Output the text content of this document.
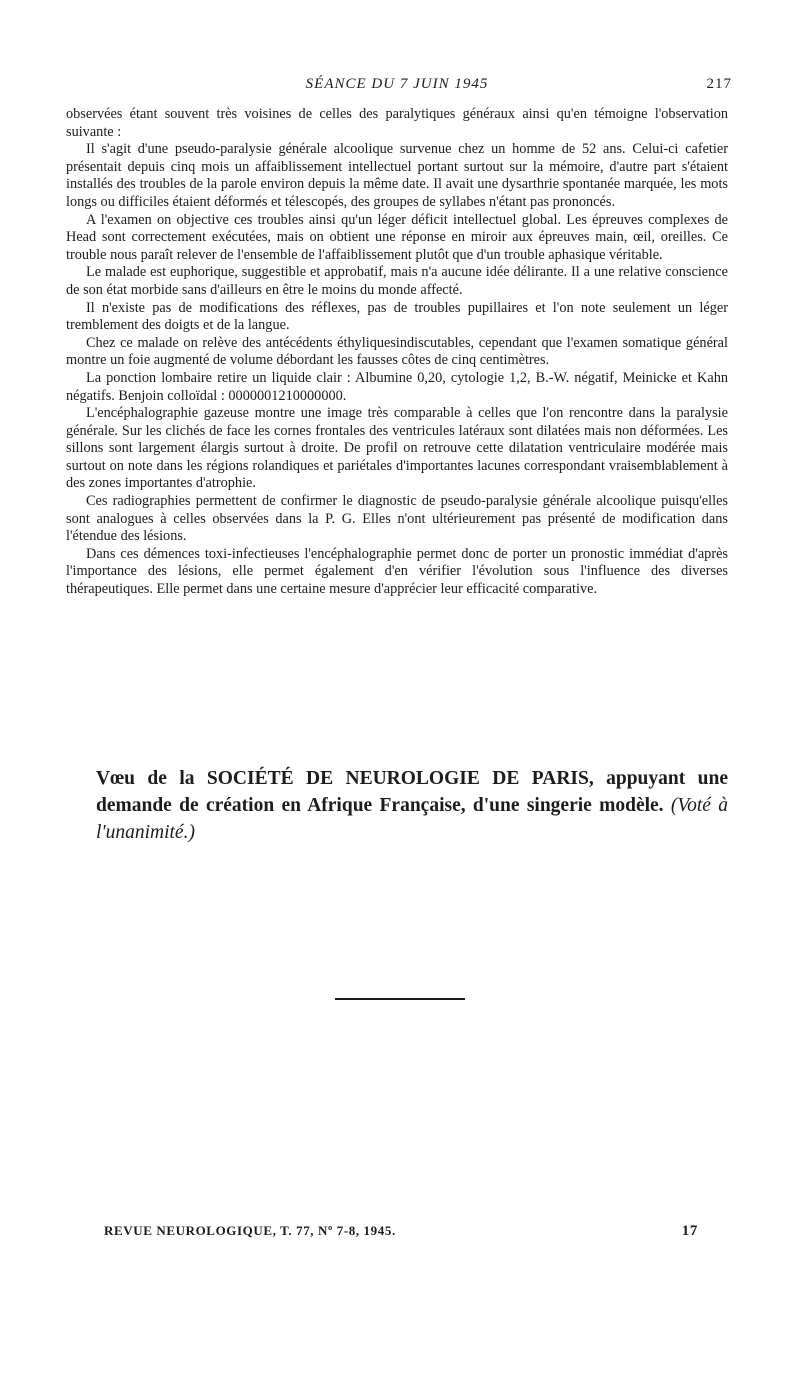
SÉANCE DU 7 JUIN 1945	217

observées étant souvent très voisines de celles des paralytiques généraux ainsi qu'en témoigne l'observation suivante :

Il s'agit d'une pseudo-paralysie générale alcoolique survenue chez un homme de 52 ans. Celui-ci cafetier présentait depuis cinq mois un affaiblissement intellectuel portant surtout sur la mémoire, d'autre part s'étaient installés des troubles de la parole environ depuis la même date. Il avait une dysarthrie spontanée marquée, les mots longs ou difficiles étaient déformés et télescopés, des groupes de syllabes n'étant pas prononcés.

A l'examen on objective ces troubles ainsi qu'un léger déficit intellectuel global. Les épreuves complexes de Head sont correctement exécutées, mais on obtient une réponse en miroir aux épreuves main, œil, oreilles. Ce trouble nous paraît relever de l'ensemble de l'affaiblissement plutôt que d'un trouble aphasique véritable.

Le malade est euphorique, suggestible et approbatif, mais n'a aucune idée délirante. Il a une relative conscience de son état morbide sans d'ailleurs en être le moins du monde affecté.

Il n'existe pas de modifications des réflexes, pas de troubles pupillaires et l'on note seulement un léger tremblement des doigts et de la langue.

Chez ce malade on relève des antécédents éthyliquesindiscutables, cependant que l'examen somatique général montre un foie augmenté de volume débordant les fausses côtes de cinq centimètres.

La ponction lombaire retire un liquide clair : Albumine 0,20, cytologie 1,2, B.-W. négatif, Meinicke et Kahn négatifs. Benjoin colloïdal : 0000001210000000.

L'encéphalographie gazeuse montre une image très comparable à celles que l'on rencontre dans la paralysie générale. Sur les clichés de face les cornes frontales des ventricules latéraux sont dilatées mais non déformées. Les sillons sont largement élargis surtout à droite. De profil on retrouve cette dilatation ventriculaire modérée mais surtout on note dans les régions rolandiques et pariétales d'importantes lacunes correspondant vraisemblablement à des zones importantes d'atrophie.

Ces radiographies permettent de confirmer le diagnostic de pseudo-paralysie générale alcoolique puisqu'elles sont analogues à celles observées dans la P. G. Elles n'ont ultérieurement pas présenté de modification dans l'étendue des lésions.

Dans ces démences toxi-infectieuses l'encéphalographie permet donc de porter un pronostic immédiat d'après l'importance des lésions, elle permet également d'en vérifier l'évolution sous l'influence des diverses thérapeutiques. Elle permet dans une certaine mesure d'apprécier leur efficacité comparative.

Vœu de la SOCIÉTÉ DE NEUROLOGIE DE PARIS, appuyant une demande de création en Afrique Française, d'une singerie modèle. (Voté à l'unanimité.)
REVUE NEUROLOGIQUE, T. 77, Nº 7-8, 1945.	17
